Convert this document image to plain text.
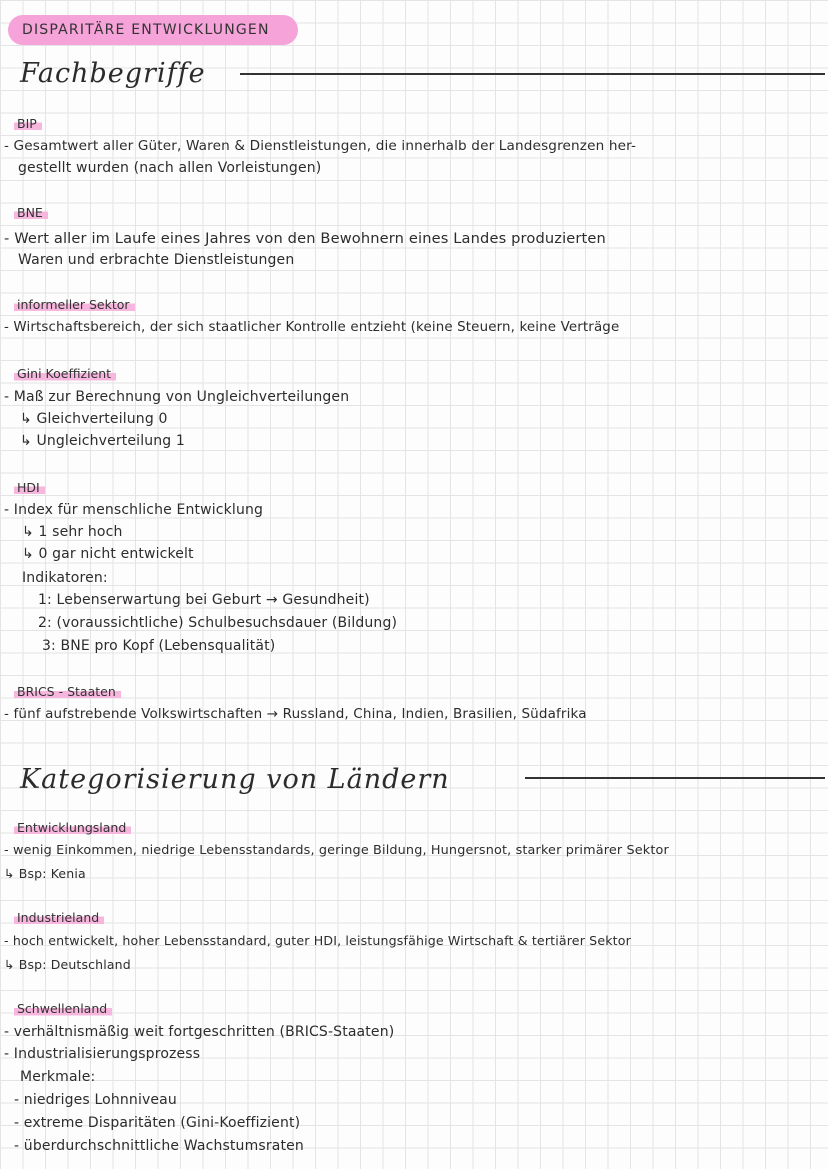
DISPARITÄRE ENTWICKLUNGEN
Fachbegriffe
BIP
- Gesamtwert aller Güter, Waren & Dienstleistungen, die innerhalb der Landesgrenzen her-
gestellt wurden (nach allen Vorleistungen)
BNE
- Wert aller im Laufe eines Jahres von den Bewohnern eines Landes produzierten
Waren und erbrachte Dienstleistungen
informeller Sektor
- Wirtschaftsbereich, der sich staatlicher Kontrolle entzieht (keine Steuern, keine Verträge
Gini Koeffizient
- Maß zur Berechnung von Ungleichverteilungen
↳ Gleichverteilung 0
↳ Ungleichverteilung 1
HDI
- Index für menschliche Entwicklung
↳ 1 sehr hoch
↳ 0 gar nicht entwickelt
Indikatoren:
1: Lebenserwartung bei Geburt → Gesundheit)
2: (voraussichtliche) Schulbesuchsdauer (Bildung)
3: BNE pro Kopf (Lebensqualität)
BRICS - Staaten
- fünf aufstrebende Volkswirtschaften → Russland, China, Indien, Brasilien, Südafrika
Kategorisierung von Ländern
Entwicklungsland
- wenig Einkommen, niedrige Lebensstandards, geringe Bildung, Hungersnot, starker primärer Sektor
↳ Bsp: Kenia
Industrieland
- hoch entwickelt, hoher Lebensstandard, guter HDI, leistungsfähige Wirtschaft & tertiärer Sektor
↳ Bsp: Deutschland
Schwellenland
- verhältnismäßig weit fortgeschritten (BRICS-Staaten)
- Industrialisierungsprozess
Merkmale:
- niedriges Lohnniveau
- extreme Disparitäten (Gini-Koeffizient)
- überdurchschnittliche Wachstumsraten
